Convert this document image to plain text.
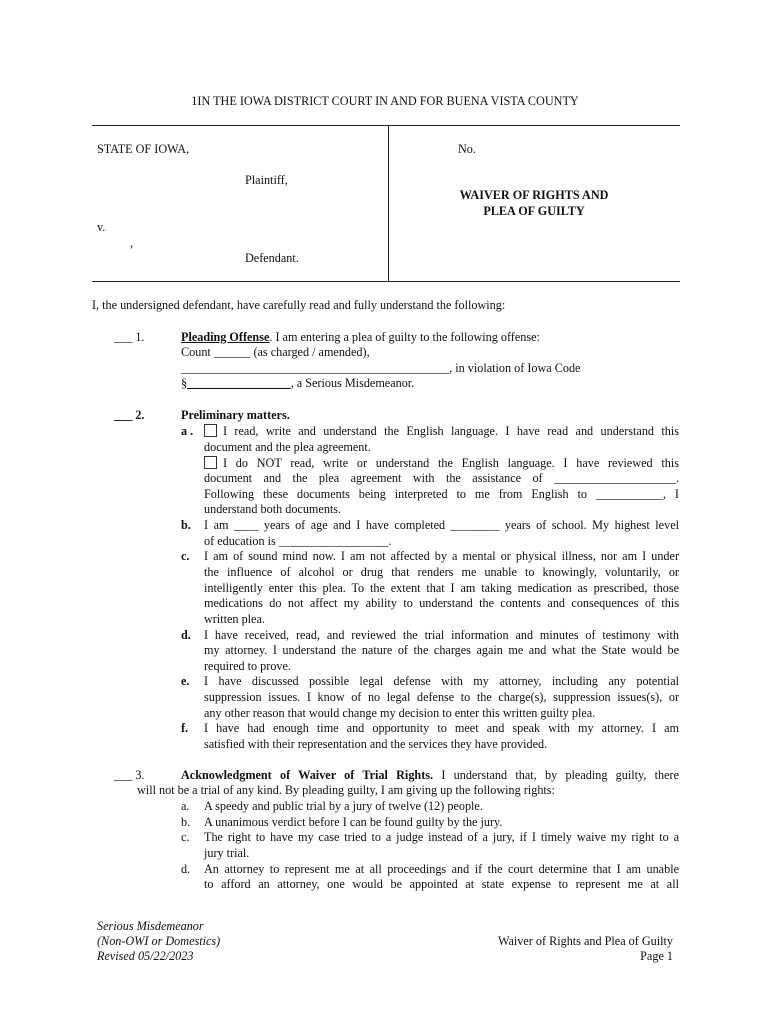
1IN THE IOWA DISTRICT COURT IN AND FOR BUENA VISTA COUNTY
STATE OF IOWA,	No.
Plaintiff,
WAIVER OF RIGHTS AND
PLEA OF GUILTY
v.
,
Defendant.
I, the undersigned defendant, have carefully read and fully understand the following:
___ 1.	Pleading Offense. I am entering a plea of guilty to the following offense:
Count ______ (as charged / amended),
____________________________________________, in violation of Iowa Code
§_________________, a Serious Misdemeanor.
___ 2.	Preliminary matters.
a . I read, write and understand the English language. I have read and understand this
document and the plea agreement.
I do NOT read, write or understand the English language. I have reviewed this
document and the plea agreement with the assistance of ____________________.
Following these documents being interpreted to me from English to ___________, I
understand both documents.
b. I am ____ years of age and I have completed ________ years of school. My highest level
of education is __________________.
c. I am of sound mind now. I am not affected by a mental or physical illness, nor am I under
the influence of alcohol or drug that renders me unable to knowingly, voluntarily, or
intelligently enter this plea. To the extent that I am taking medication as prescribed, those
medications do not affect my ability to understand the contents and consequences of this
written plea.
d. I have received, read, and reviewed the trial information and minutes of testimony with
my attorney. I understand the nature of the charges again me and what the State would be
required to prove.
e. I have discussed possible legal defense with my attorney, including any potential
suppression issues. I know of no legal defense to the charge(s), suppression issues(s), or
any other reason that would change my decision to enter this written guilty plea.
f. I have had enough time and opportunity to meet and speak with my attorney. I am
satisfied with their representation and the services they have provided.
___ 3.	Acknowledgment of Waiver of Trial Rights. I understand that, by pleading guilty, there
will not be a trial of any kind. By pleading guilty, I am giving up the following rights:
a. A speedy and public trial by a jury of twelve (12) people.
b. A unanimous verdict before I can be found guilty by the jury.
c. The right to have my case tried to a judge instead of a jury, if I timely waive my right to a
jury trial.
d. An attorney to represent me at all proceedings and if the court determine that I am unable
to afford an attorney, one would be appointed at state expense to represent me at all
Serious Misdemeanor
(Non-OWI or Domestics)
Revised 05/22/2023
Waiver of Rights and Plea of Guilty
Page 1
